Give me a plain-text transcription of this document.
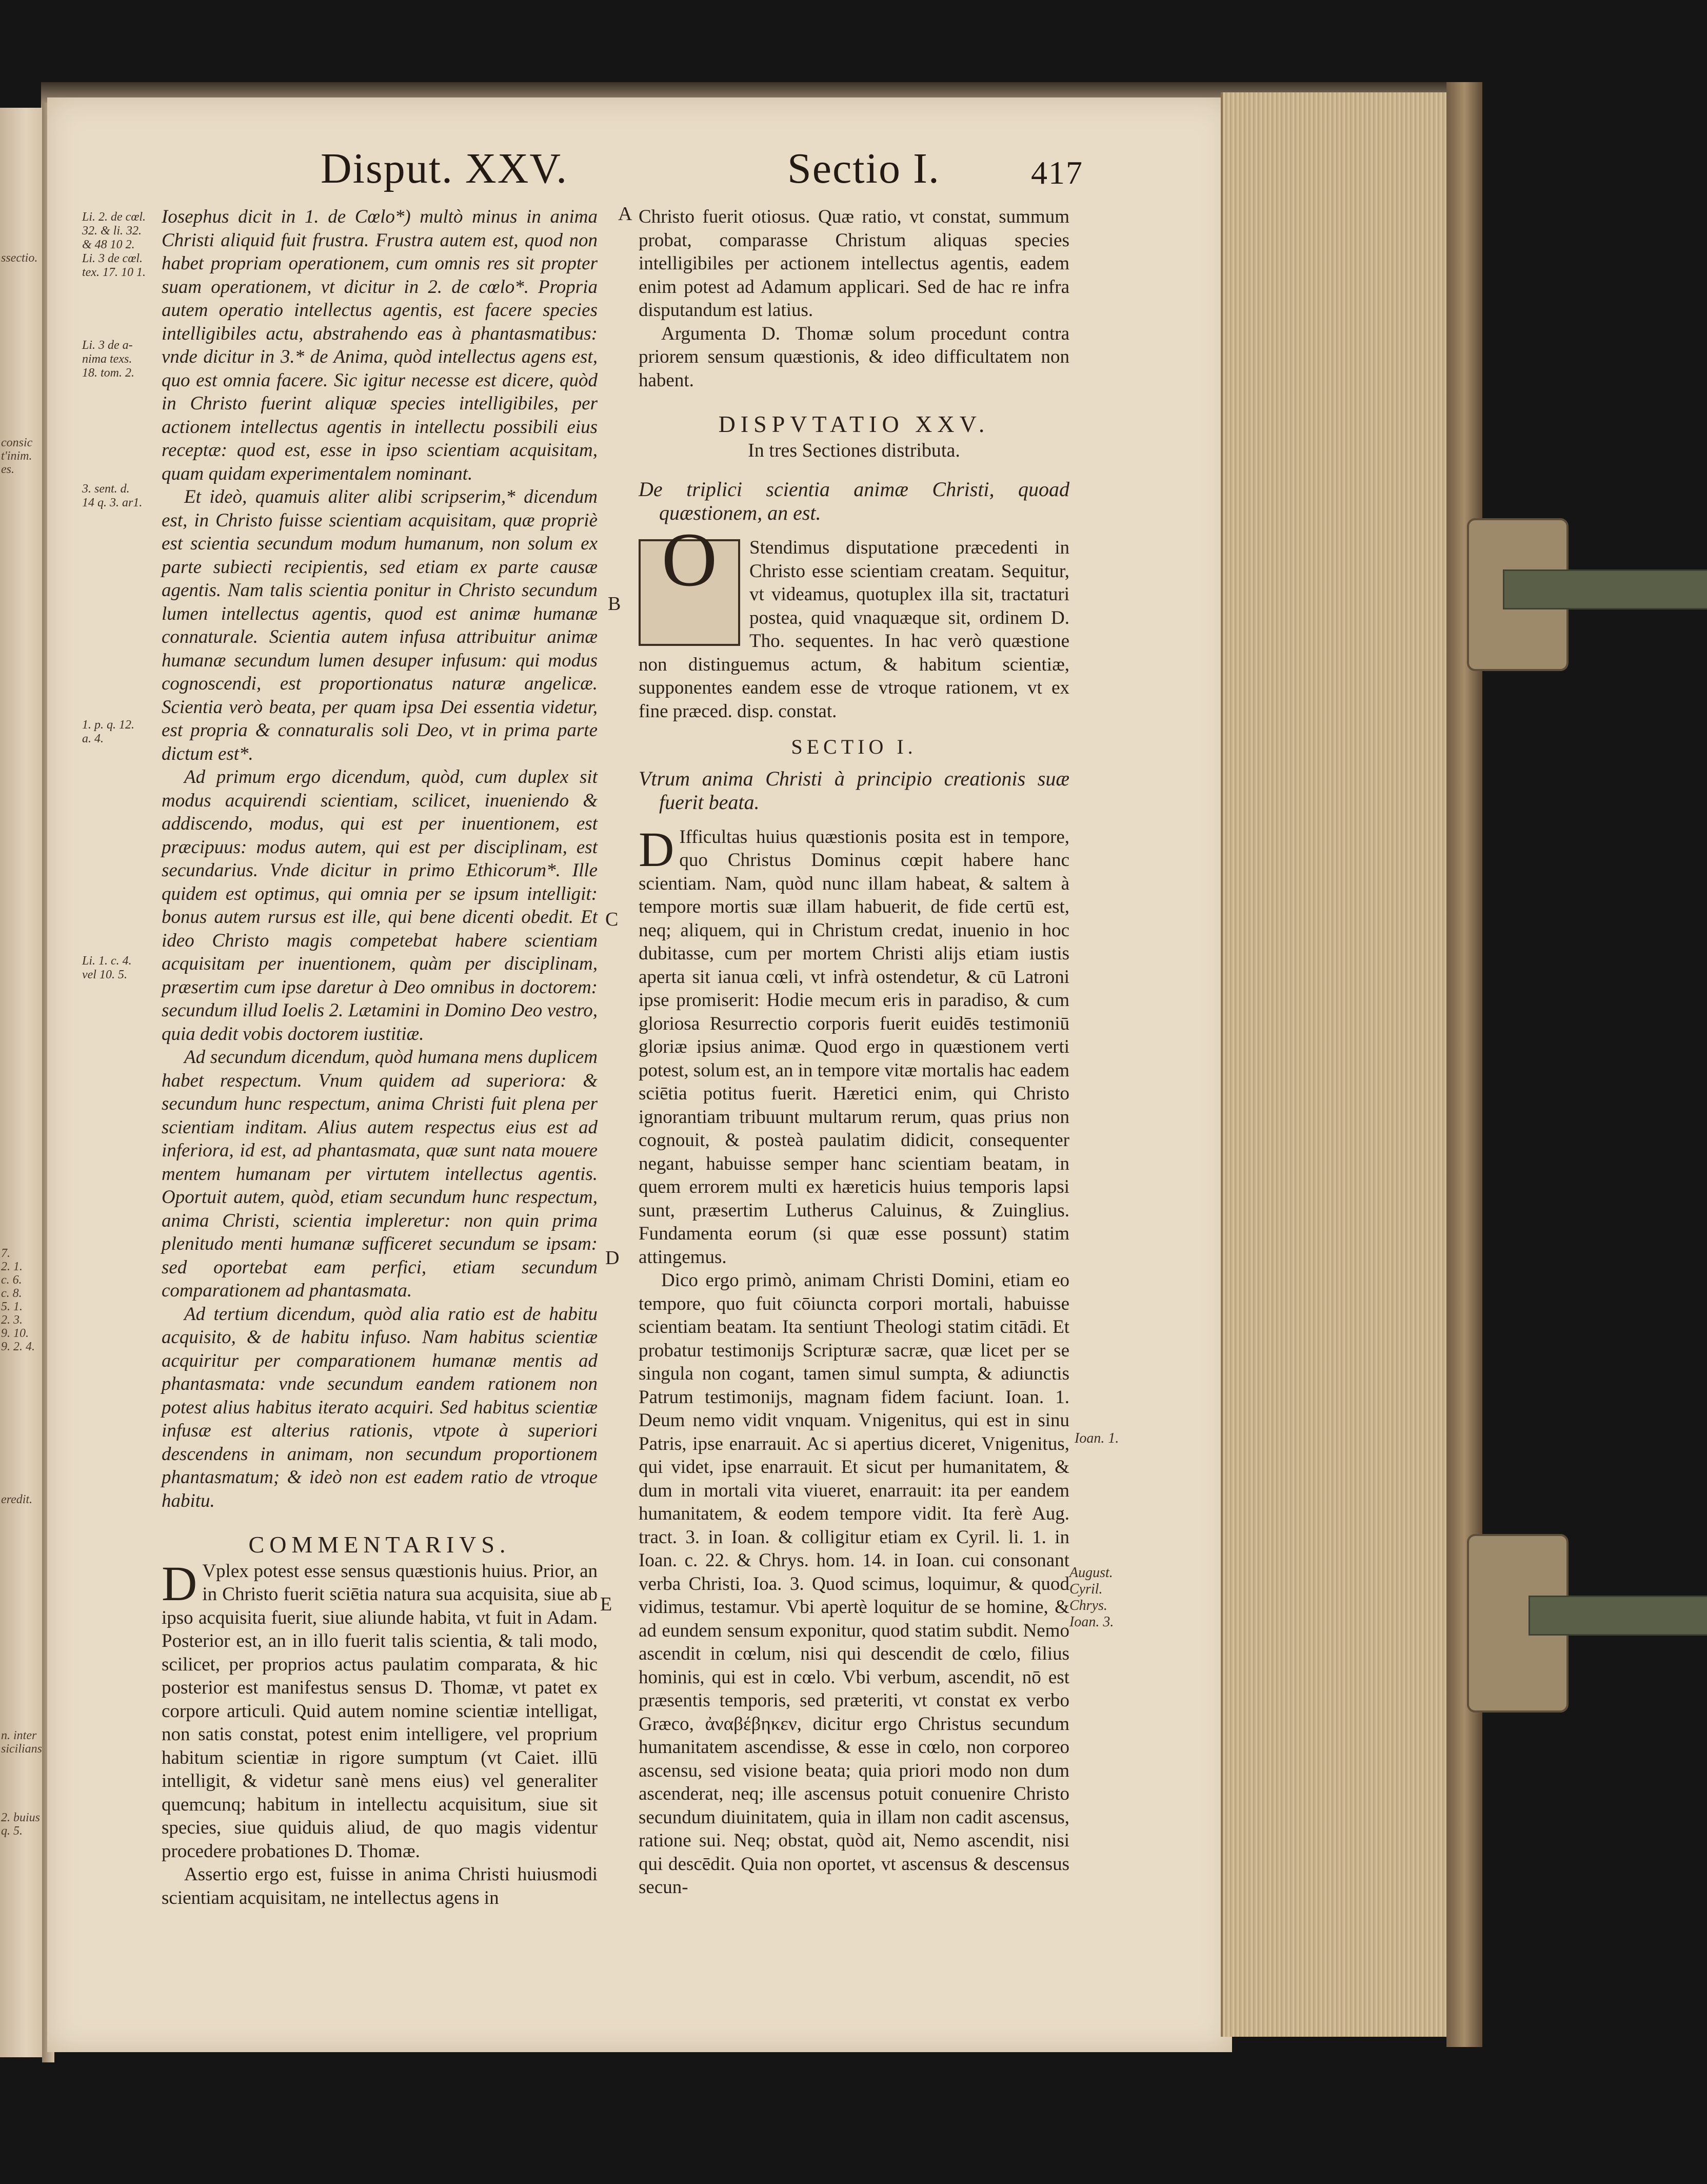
ssectio.
consic
t'inim.
es.
7.
2. 1.
c. 6.
c. 8.
5. 1.
2. 3.
9. 10.
9. 2. 4.
eredit.
n. inter
sicilians
2. buius
q. 5.
Disput. XXV.	Sectio I.	417
Li. 2. de cœl.
32. & li. 32.
& 48 10 2.
Li. 3 de cœl.
tex. 17. 10 1.
Li. 3 de a-
nima texs.
18. tom. 2.
3. sent. d.
14 q. 3. ar1.
1. p. q. 12.
a. 4.
Li. 1. c. 4.
vel 10. 5.

Iosephus dicit in 1. de Cœlo*) multò minus in anima Christi aliquid fuit frustra. Frustra autem est, quod non habet propriam operationem, cum omnis res sit propter suam operationem, vt dicitur in 2. de cœlo*. Propria autem operatio intellectus agentis, est facere species intelligibiles actu, abstrahendo eas à phantasmatibus: vnde dicitur in 3.* de Anima, quòd intellectus agens est, quo est omnia facere. Sic igitur necesse est dicere, quòd in Christo fuerint aliquæ species intelligibiles, per actionem intellectus agentis in intellectu possibili eius receptæ: quod est, esse in ipso scientiam acquisitam, quam quidam experimentalem nominant.

Et ideò, quamuis aliter alibi scripserim,* dicendum est, in Christo fuisse scientiam acquisitam, quæ propriè est scientia secundum modum humanum, non solum ex parte subiecti recipientis, sed etiam ex parte causæ agentis. Nam talis scientia ponitur in Christo secundum lumen intellectus agentis, quod est animæ humanæ connaturale. Scientia autem infusa attribuitur animæ humanæ secundum lumen desuper infusum: qui modus cognoscendi, est proportionatus naturæ angelicæ. Scientia verò beata, per quam ipsa Dei essentia videtur, est propria & connaturalis soli Deo, vt in prima parte dictum est*.

Ad primum ergo dicendum, quòd, cum duplex sit modus acquirendi scientiam, scilicet, inueniendo & addiscendo, modus, qui est per inuentionem, est præcipuus: modus autem, qui est per disciplinam, est secundarius. Vnde dicitur in primo Ethicorum*. Ille quidem est optimus, qui omnia per se ipsum intelligit: bonus autem rursus est ille, qui bene dicenti obedit. Et ideo Christo magis competebat habere scientiam acquisitam per inuentionem, quàm per disciplinam, præsertim cum ipse daretur à Deo omnibus in doctorem: secundum illud Ioelis 2. Lætamini in Domino Deo vestro, quia dedit vobis doctorem iustitiæ.

Ad secundum dicendum, quòd humana mens duplicem habet respectum. Vnum quidem ad superiora: & secundum hunc respectum, anima Christi fuit plena per scientiam inditam. Alius autem respectus eius est ad inferiora, id est, ad phantasmata, quæ sunt nata mouere mentem humanam per virtutem intellectus agentis. Oportuit autem, quòd, etiam secundum hunc respectum, anima Christi, scientia impleretur: non quin prima plenitudo menti humanæ sufficeret secundum se ipsam: sed oportebat eam perfici, etiam secundum comparationem ad phantasmata.

Ad tertium dicendum, quòd alia ratio est de habitu acquisito, & de habitu infuso. Nam habitus scientiæ acquiritur per comparationem humanæ mentis ad phantasmata: vnde secundum eandem rationem non potest alius habitus iterato acquiri. Sed habitus scientiæ infusæ est alterius rationis, vtpote à superiori descendens in animam, non secundum proportionem phantasmatum; & ideò non est eadem ratio de vtroque habitu.

COMMENTARIVS.

D Vplex potest esse sensus quæstionis huius. Prior, an in Christo fuerit sciētia natura sua acquisita, siue ab ipso acquisita fuerit, siue aliunde habita, vt fuit in Adam. Posterior est, an in illo fuerit talis scientia, & tali modo, scilicet, per proprios actus paulatim comparata, & hic posterior est manifestus sensus D. Thomæ, vt patet ex corpore articuli. Quid autem nomine scientiæ intelligat, non satis constat, potest enim intelligere, vel proprium habitum scientiæ in rigore sumptum (vt Caiet. illū intelligit, & videtur sanè mens eius) vel generaliter quemcunq; habitum in intellectu acquisitum, siue sit species, siue quiduis aliud, de quo magis videntur procedere probationes D. Thomæ.

Assertio ergo est, fuisse in anima Christi huiusmodi scientiam acquisitam, ne intellectus agens in

A
B
C
D
E

Christo fuerit otiosus. Quæ ratio, vt constat, summum probat, comparasse Christum aliquas species intelligibiles per actionem intellectus agentis, eadem enim potest ad Adamum applicari. Sed de hac re infra disputandum est latius.

Argumenta D. Thomæ solum procedunt contra priorem sensum quæstionis, & ideo difficultatem non habent.

DISPVTATIO XXV.
In tres Sectiones distributa.
De triplici scientia animæ Christi, quoad quæstionem, an est.

O	Stendimus disputatione præcedenti in Christo esse scientiam creatam. Sequitur, vt videamus, quotuplex illa sit, tractaturi postea, quid vnaquæque sit, ordinem D. Tho. sequentes. In hac verò quæstione non distinguemus actum, & habitum scientiæ, supponentes eandem esse de vtroque rationem, vt ex fine præced. disp. constat.

SECTIO I.
Vtrum anima Christi à principio creationis suæ fuerit beata.

D Ifficultas huius quæstionis posita est in tempore, quo Christus Dominus cœpit habere hanc scientiam. Nam, quòd nunc illam habeat, & saltem à tempore mortis suæ illam habuerit, de fide certū est, neq; aliquem, qui in Christum credat, inuenio in hoc dubitasse, cum per mortem Christi alijs etiam iustis aperta sit ianua cœli, vt infrà ostendetur, & cū Latroni ipse promiserit: Hodie mecum eris in paradiso, & cum gloriosa Resurrectio corporis fuerit euidēs testimoniū gloriæ ipsius animæ. Quod ergo in quæstionem verti potest, solum est, an in tempore vitæ mortalis hac eadem sciētia potitus fuerit. Hæretici enim, qui Christo ignorantiam tribuunt multarum rerum, quas prius non cognouit, & posteà paulatim didicit, consequenter negant, habuisse semper hanc scientiam beatam, in quem errorem multi ex hæreticis huius temporis lapsi sunt, præsertim Lutherus Caluinus, & Zuinglius. Fundamenta eorum (si quæ esse possunt) statim attingemus.

Dico ergo primò, animam Christi Domini, etiam eo tempore, quo fuit cōiuncta corpori mortali, habuisse scientiam beatam. Ita sentiunt Theologi statim citādi. Et probatur testimonijs Scripturæ sacræ, quæ licet per se singula non cogant, tamen simul sumpta, & adiunctis Patrum testimonijs, magnam fidem faciunt. Ioan. 1. Deum nemo vidit vnquam. Vnigenitus, qui est in sinu Patris, ipse enarrauit. Ac si apertius diceret, Vnigenitus, qui videt, ipse enarrauit. Et sicut per humanitatem, & dum in mortali vita viueret, enarrauit: ita per eandem humanitatem, & eodem tempore vidit. Ita ferè Aug. tract. 3. in Ioan. & colligitur etiam ex Cyril. li. 1. in Ioan. c. 22. & Chrys. hom. 14. in Ioan. cui consonant verba Christi, Ioa. 3. Quod scimus, loquimur, & quod vidimus, testamur. Vbi apertè loquitur de se homine, & ad eundem sensum exponitur, quod statim subdit. Nemo ascendit in cœlum, nisi qui descendit de cœlo, filius hominis, qui est in cœlo. Vbi verbum, ascendit, nō est præsentis temporis, sed præteriti, vt constat ex verbo Græco, ἀναβέβηκεν, dicitur ergo Christus secundum humanitatem ascendisse, & esse in cœlo, non corporeo ascensu, sed visione beata; quia priori modo non dum ascenderat, neq; ille ascensus potuit conuenire Christo secundum diuinitatem, quia in illam non cadit ascensus, ratione sui. Neq; obstat, quòd ait, Nemo ascendit, nisi qui descēdit. Quia non oportet, vt ascensus & descensus secun-

Ioan. 1.
August.
Cyril.
Chrys.
Ioan. 3.
